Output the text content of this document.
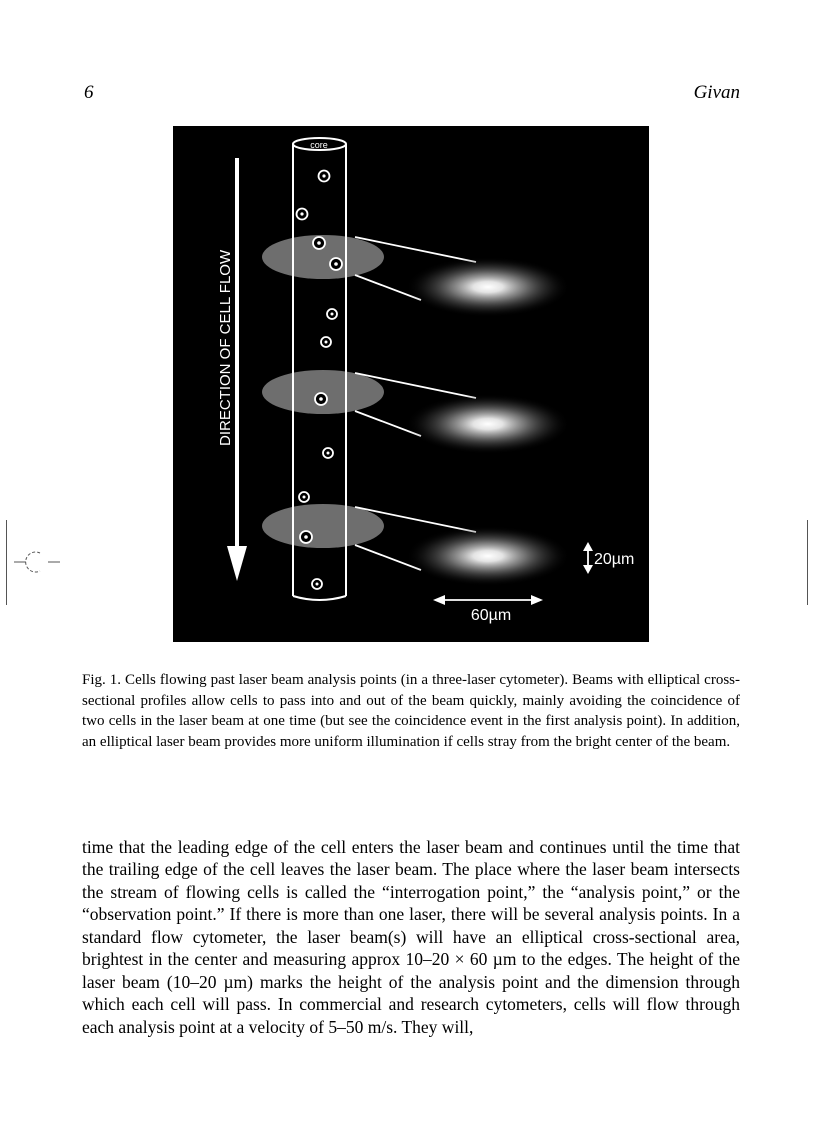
6	Givan
DIRECTION OF CELL FLOW
core
20µm
60µm

Fig. 1. Cells flowing past laser beam analysis points (in a three-laser cytometer). Beams with elliptical cross-sectional profiles allow cells to pass into and out of the beam quickly, mainly avoiding the coincidence of two cells in the laser beam at one time (but see the coincidence event in the first analysis point). In addition, an elliptical laser beam provides more uniform illumination if cells stray from the bright center of the beam.

time that the leading edge of the cell enters the laser beam and continues until the time that the trailing edge of the cell leaves the laser beam. The place where the laser beam intersects the stream of flowing cells is called the “interrogation point,” the “analysis point,” or the “observation point.” If there is more than one laser, there will be several analysis points. In a standard flow cytometer, the laser beam(s) will have an elliptical cross-sectional area, brightest in the center and measuring approx 10–20 × 60 µm to the edges. The height of the laser beam (10–20 µm) marks the height of the analysis point and the dimension through which each cell will pass. In commercial and research cytometers, cells will flow through each analysis point at a velocity of 5–50 m/s. They will,
